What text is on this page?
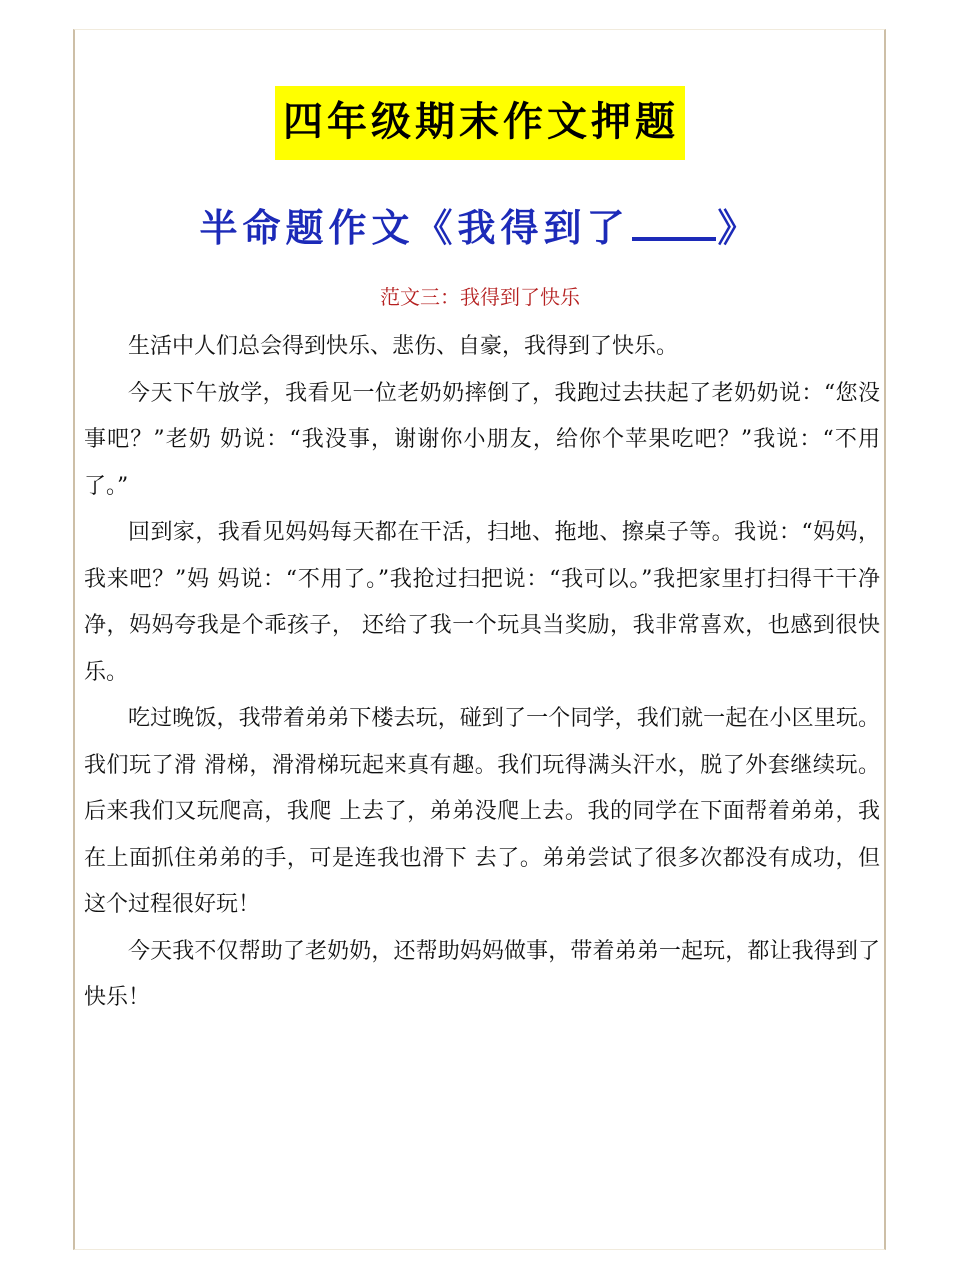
四年级期末作文押题
半命题作文《我得到了 》
范文三：我得到了快乐

生活中人们总会得到快乐、悲伤、自豪，我得到了快乐。

今天下午放学，我看见一位老奶奶摔倒了，我跑过去扶起了老奶奶说：“您没事吧？”老奶 奶说：“我没事，谢谢你小朋友，给你个苹果吃吧？”我说：“不用了。”

回到家，我看见妈妈每天都在干活，扫地、拖地、擦桌子等。我说：“妈妈，我来吧？”妈 妈说：“不用了。”我抢过扫把说：“我可以。”我把家里打扫得干干净净，妈妈夸我是个乖孩子， 还给了我一个玩具当奖励，我非常喜欢，也感到很快乐。

吃过晚饭，我带着弟弟下楼去玩，碰到了一个同学，我们就一起在小区里玩。我们玩了滑 滑梯，滑滑梯玩起来真有趣。我们玩得满头汗水，脱了外套继续玩。后来我们又玩爬高，我爬 上去了，弟弟没爬上去。我的同学在下面帮着弟弟，我在上面抓住弟弟的手，可是连我也滑下 去了。弟弟尝试了很多次都没有成功，但这个过程很好玩！

今天我不仅帮助了老奶奶，还帮助妈妈做事，带着弟弟一起玩，都让我得到了快乐！
